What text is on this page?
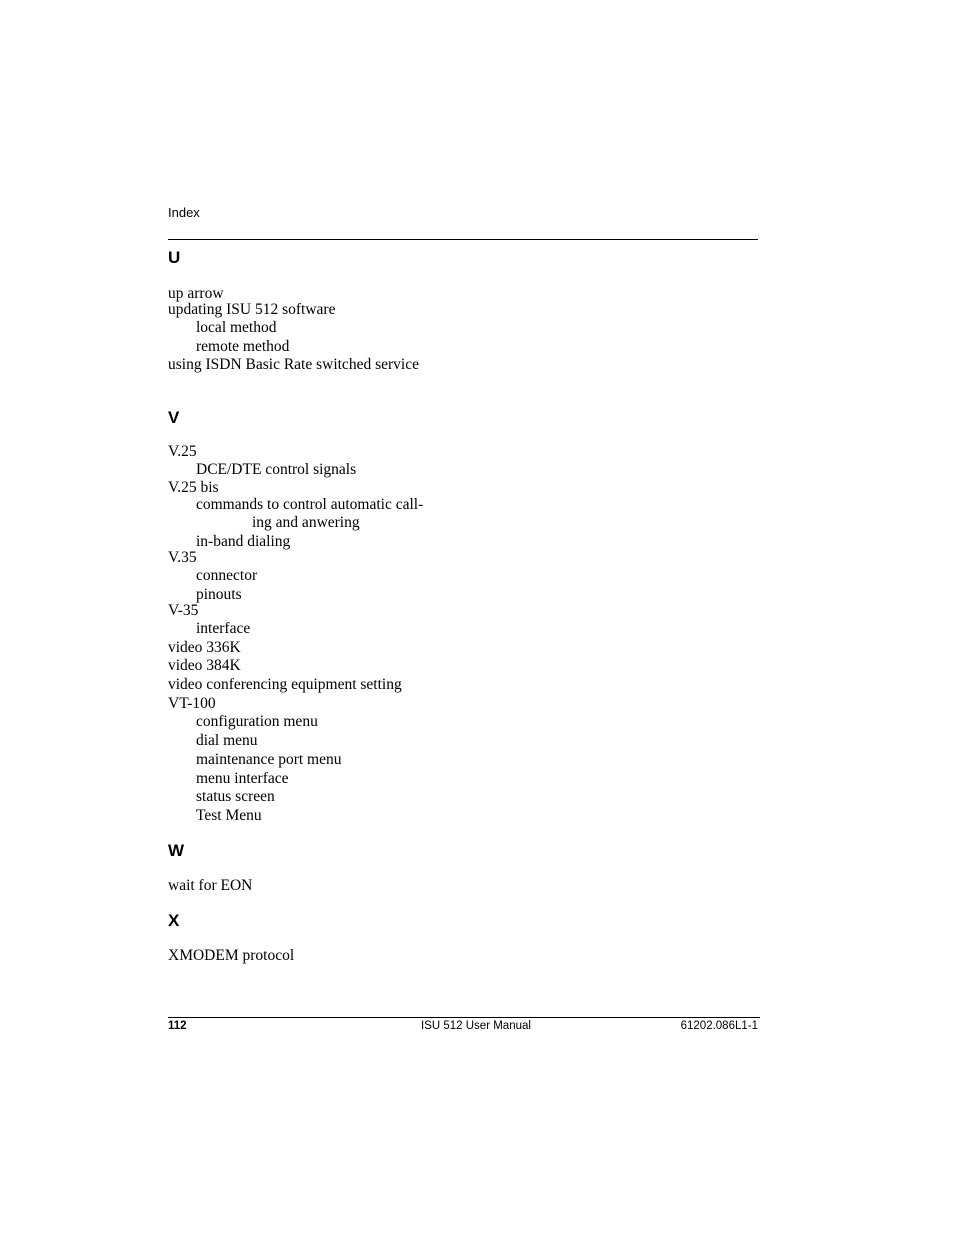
Index
U
up arrow
updating ISU 512 software
local method
remote method
using ISDN Basic Rate switched service
V
V.25
DCE/DTE control signals
V.25 bis
commands to control automatic call-
ing and anwering
in-band dialing
V.35
connector
pinouts
V-35
interface
video 336K
video 384K
video conferencing equipment setting
VT-100
configuration menu
dial menu
maintenance port menu
menu interface
status screen
Test Menu
W
wait for EON
X
XMODEM protocol
112	ISU 512 User Manual	61202.086L1-1
